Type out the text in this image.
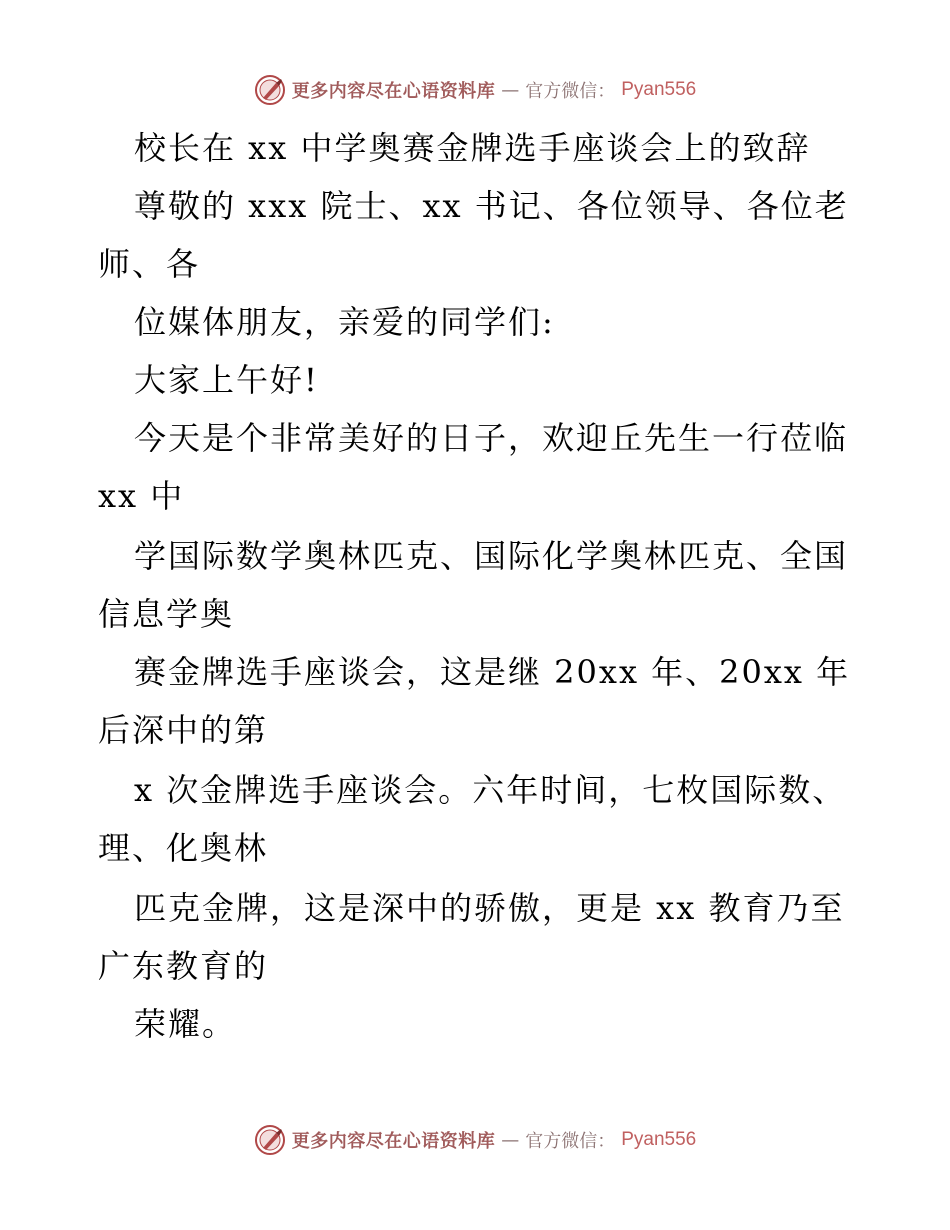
更多内容尽在心语资料库 — 官方微信： Pyan556
校长在 xx 中学奥赛金牌选手座谈会上的致辞
尊敬的 xxx 院士、xx 书记、各位领导、各位老
师、各
位媒体朋友，亲爱的同学们:
大家上午好!
今天是个非常美好的日子，欢迎丘先生一行莅临
xx 中
学国际数学奥林匹克、国际化学奥林匹克、全国
信息学奥
赛金牌选手座谈会，这是继 20xx 年、20xx 年
后深中的第
x 次金牌选手座谈会。六年时间，七枚国际数、
理、化奥林
匹克金牌，这是深中的骄傲，更是 xx 教育乃至
广东教育的
荣耀。
更多内容尽在心语资料库 — 官方微信： Pyan556
